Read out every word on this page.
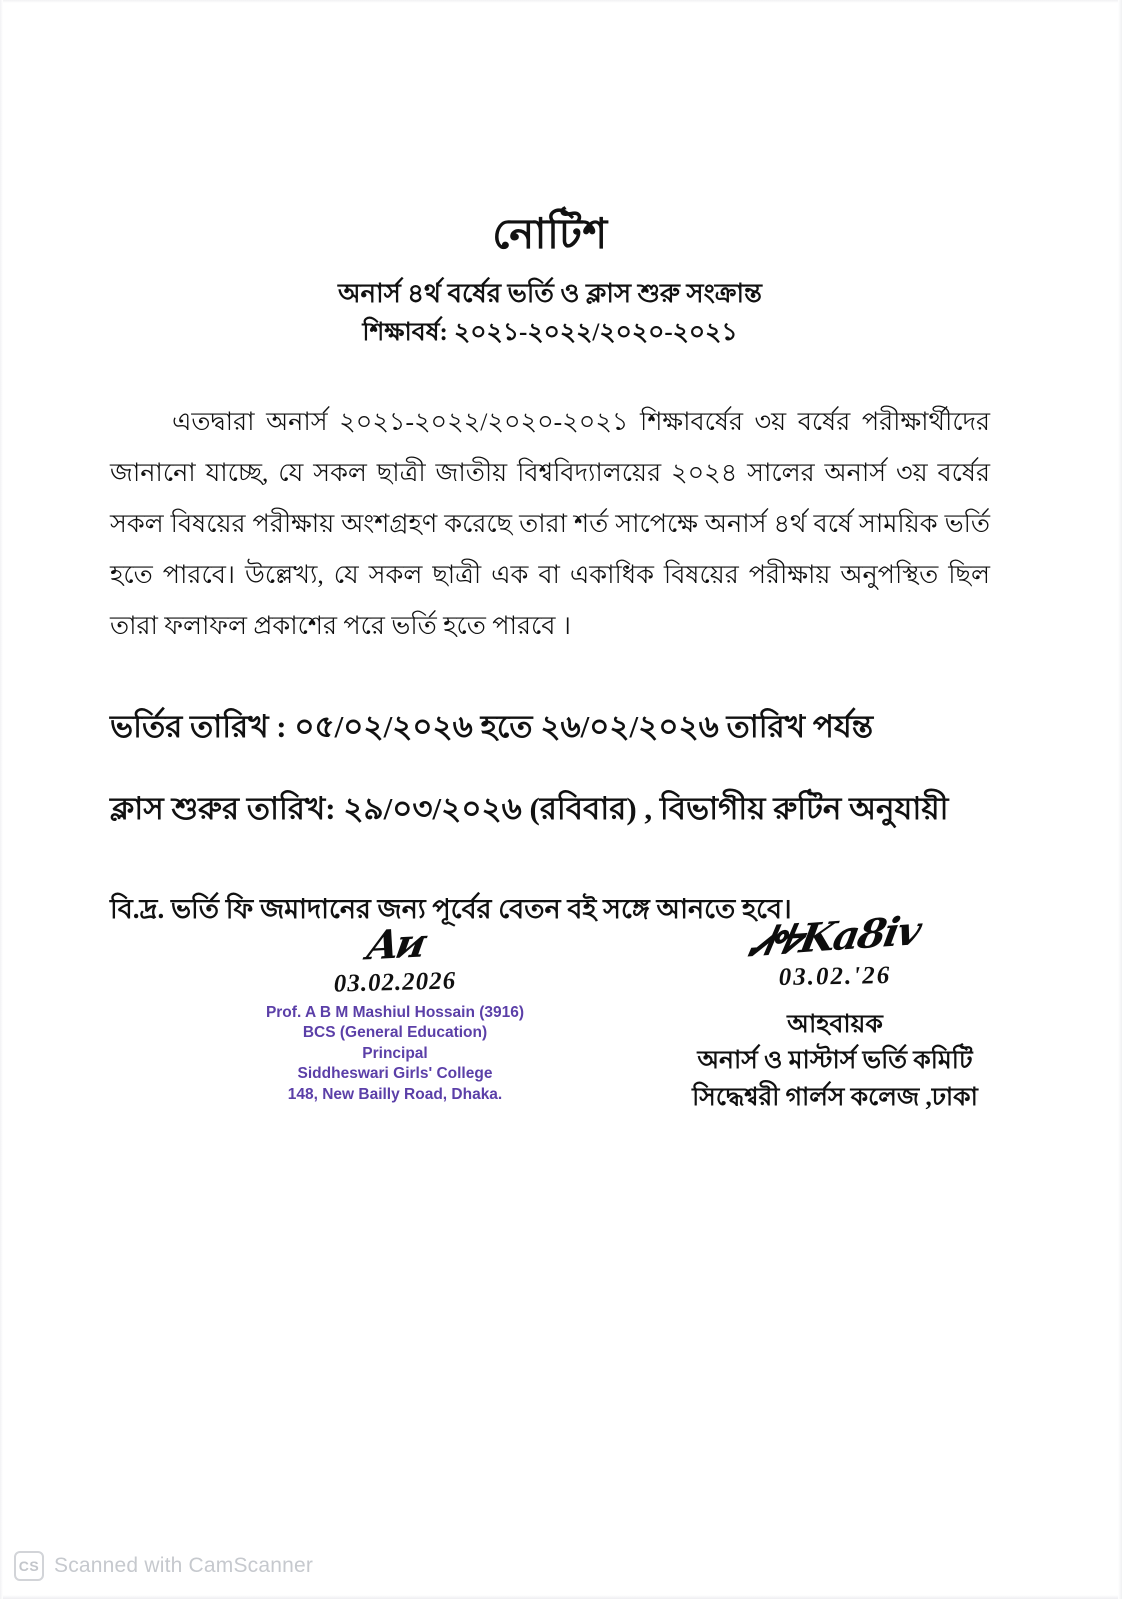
নোটিশ

অনার্স ৪র্থ বর্ষের ভর্তি ও ক্লাস শুরু সংক্রান্ত

শিক্ষাবর্ষ: ২০২১-২০২২/২০২০-২০২১

এতদ্বারা অনার্স ২০২১-২০২২/২০২০-২০২১ শিক্ষাবর্ষের ৩য় বর্ষের পরীক্ষার্থীদের জানানো যাচ্ছে, যে সকল ছাত্রী জাতীয় বিশ্ববিদ্যালয়ের ২০২৪ সালের অনার্স ৩য় বর্ষের সকল বিষয়ের পরীক্ষায় অংশগ্রহণ করেছে তারা শর্ত সাপেক্ষে অনার্স ৪র্থ বর্ষে সাময়িক ভর্তি হতে পারবে। উল্লেখ্য, যে সকল ছাত্রী এক বা একাধিক বিষয়ের পরীক্ষায় অনুপস্থিত ছিল তারা ফলাফল প্রকাশের পরে ভর্তি হতে পারবে ।

ভর্তির তারিখ : ০৫/০২/২০২৬ হতে ২৬/০২/২০২৬ তারিখ পর্যন্ত

ক্লাস শুরুর তারিখ: ২৯/০৩/২০২৬ (রবিবার) , বিভাগীয় রুটিন অনুযায়ী

বি.দ্র. ভর্তি ফি জমাদানের জন্য পূর্বের বেতন বই সঙ্গে আনতে হবে।

Aᴎ
03.02.2026
Prof. A B M Mashiul Hossain (3916)
BCS (General Education)
Principal
Siddheswari Girls' College
148, New Bailly Road, Dhaka.
ᏗᎭKa8iv
03.02.'26
আহবায়ক
অনার্স ও মাস্টার্স ভর্তি কমিটি
সিদ্ধেশ্বরী গার্লস কলেজ ,ঢাকা
CS Scanned with CamScanner
